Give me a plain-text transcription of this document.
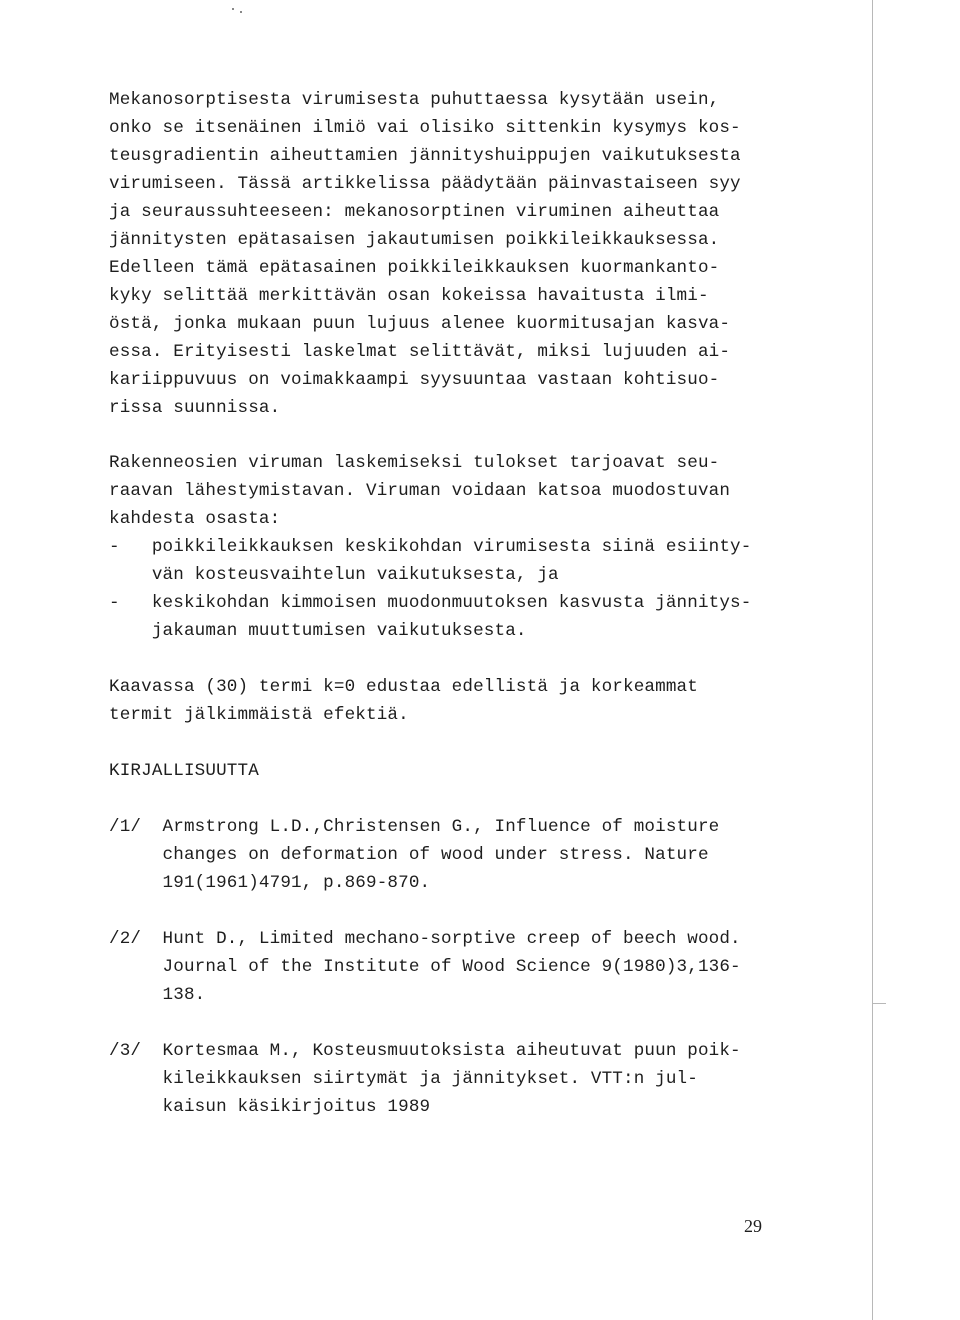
Mekanosorptisesta virumisesta puhuttaessa kysytään usein,
onko se itsenäinen ilmiö vai olisiko sittenkin kysymys kos-
teusgradientin aiheuttamien jännityshuippujen vaikutuksesta
virumiseen. Tässä artikkelissa päädytään päinvastaiseen syy
ja seuraussuhteeseen: mekanosorptinen viruminen aiheuttaa
jännitysten epätasaisen jakautumisen poikkileikkauksessa.
Edelleen tämä epätasainen poikkileikkauksen kuormankanto-
kyky selittää merkittävän osan kokeissa havaitusta ilmi-
östä, jonka mukaan puun lujuus alenee kuormitusajan kasva-
essa. Erityisesti laskelmat selittävät, miksi lujuuden ai-
kariippuvuus on voimakkaampi syysuuntaa vastaan kohtisuo-
rissa suunnissa.
Rakenneosien viruman laskemiseksi tulokset tarjoavat seu-
raavan lähestymistavan. Viruman voidaan katsoa muodostuvan
kahdesta osasta:
-   poikkileikkauksen keskikohdan virumisesta siinä esiinty-
vän kosteusvaihtelun vaikutuksesta, ja
-   keskikohdan kimmoisen muodonmuutoksen kasvusta jännitys-
jakauman muuttumisen vaikutuksesta.
Kaavassa (30) termi k=0 edustaa edellistä ja korkeammat
termit jälkimmäistä efektiä.
KIRJALLISUUTTA
/1/  Armstrong L.D.,Christensen G., Influence of moisture
changes on deformation of wood under stress. Nature
191(1961)4791, p.869-870.
/2/  Hunt D., Limited mechano-sorptive creep of beech wood.
Journal of the Institute of Wood Science 9(1980)3,136-
138.
/3/  Kortesmaa M., Kosteusmuutoksista aiheutuvat puun poik-
kileikkauksen siirtymät ja jännitykset. VTT:n jul-
kaisun käsikirjoitus 1989
29
